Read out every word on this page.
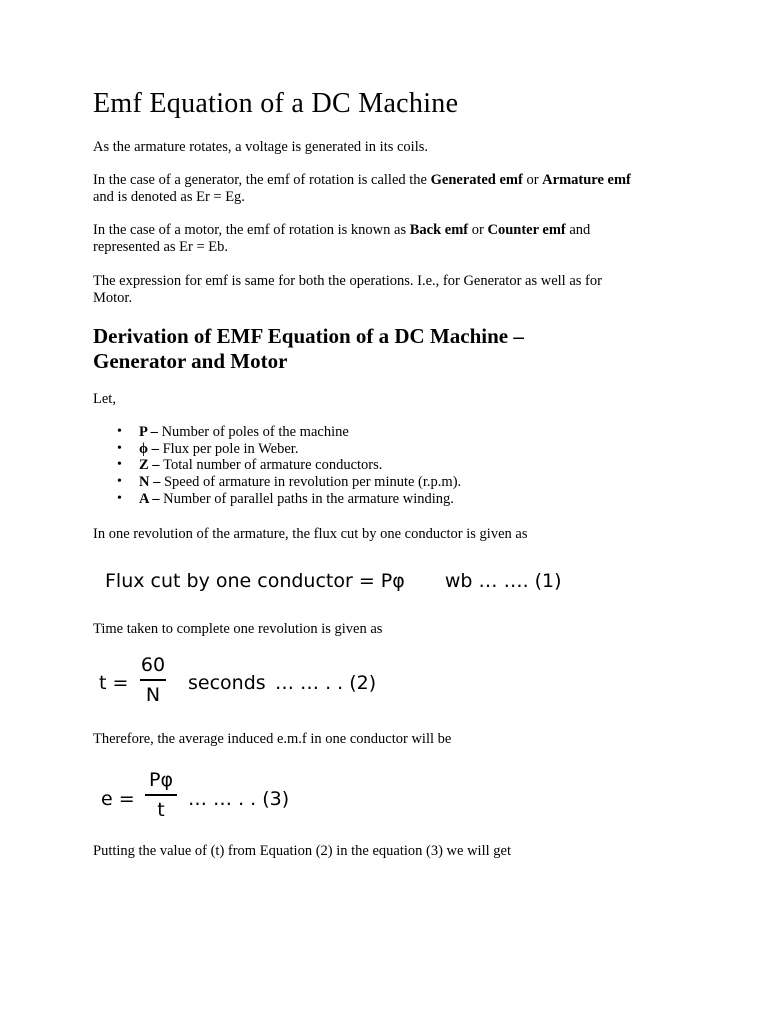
Emf Equation of a DC Machine

As the armature rotates, a voltage is generated in its coils.

In the case of a generator, the emf of rotation is called the Generated emf or Armature emf
and is denoted as Er = Eg.

In the case of a motor, the emf of rotation is known as Back emf or Counter emf and
represented as Er = Eb.

The expression for emf is same for both the operations. I.e., for Generator as well as for
Motor.

Derivation of EMF Equation of a DC Machine –
Generator and Motor

Let,

• P – Number of poles of the machine
• ϕ – Flux per pole in Weber.
• Z – Total number of armature conductors.
• N – Speed of armature in revolution per minute (r.p.m).
• A – Number of parallel paths in the armature winding.

In one revolution of the armature, the flux cut by one conductor is given as

Flux cut by one conductor = Pφ wb … …. (1)

Time taken to complete one revolution is given as

t =
60
N
seconds … … . . (2)

Therefore, the average induced e.m.f in one conductor will be

e =
Pφ
t … … . . (3)

Putting the value of (t) from Equation (2) in the equation (3) we will get
